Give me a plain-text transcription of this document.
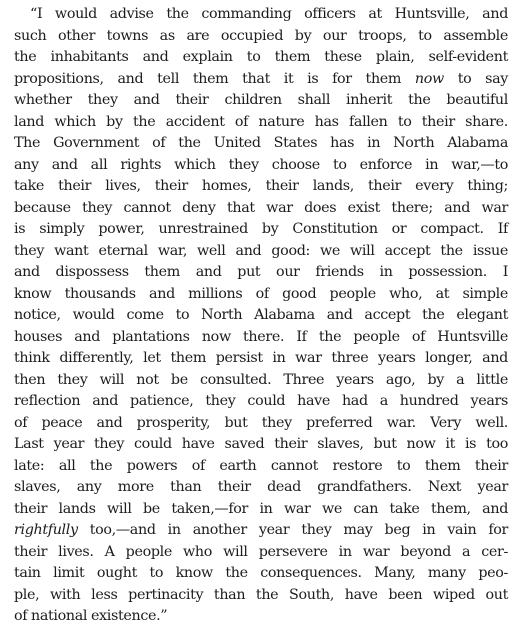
“I would advise the commanding officers at Huntsville, and
such other towns as are occupied by our troops, to assemble
the inhabitants and explain to them these plain, self-evident
propositions, and tell them that it is for them now to say
whether they and their children shall inherit the beautiful
land which by the accident of nature has fallen to their share.
The Government of the United States has in North Alabama
any and all rights which they choose to enforce in war,—to
take their lives, their homes, their lands, their every thing;
because they cannot deny that war does exist there; and war
is simply power, unrestrained by Constitution or compact. If
they want eternal war, well and good: we will accept the issue
and dispossess them and put our friends in possession. I
know thousands and millions of good people who, at simple
notice, would come to North Alabama and accept the elegant
houses and plantations now there. If the people of Huntsville
think differently, let them persist in war three years longer, and
then they will not be consulted. Three years ago, by a little
reflection and patience, they could have had a hundred years
of peace and prosperity, but they preferred war. Very well.
Last year they could have saved their slaves, but now it is too
late: all the powers of earth cannot restore to them their
slaves, any more than their dead grandfathers. Next year
their lands will be taken,—for in war we can take them, and
rightfully too,—and in another year they may beg in vain for
their lives. A people who will persevere in war beyond a cer-
tain limit ought to know the consequences. Many, many peo-
ple, with less pertinacity than the South, have been wiped out
of national existence.”
